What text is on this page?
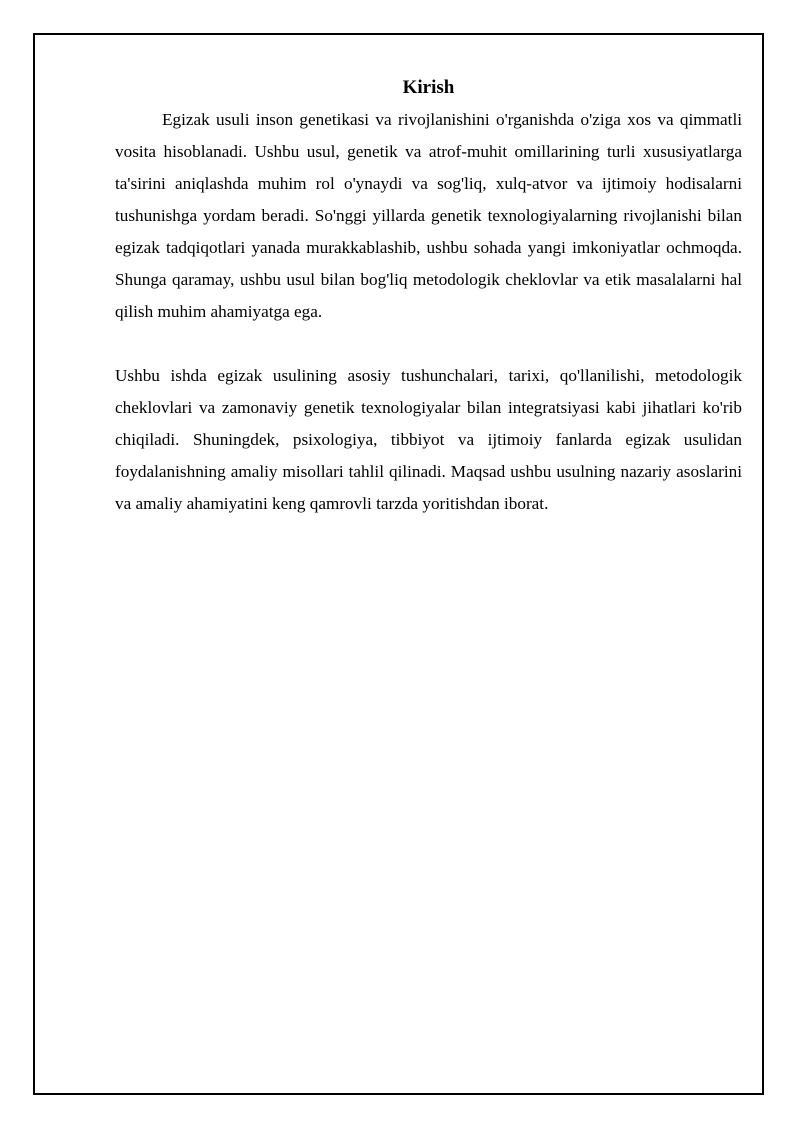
Kirish

Egizak usuli inson genetikasi va rivojlanishini o'rganishda o'ziga xos va qimmatli vosita hisoblanadi. Ushbu usul, genetik va atrof-muhit omillarining turli xususiyatlarga ta'sirini aniqlashda muhim rol o'ynaydi va sog'liq, xulq-atvor va ijtimoiy hodisalarni tushunishga yordam beradi. So'nggi yillarda genetik texnologiyalarning rivojlanishi bilan egizak tadqiqotlari yanada murakkablashib, ushbu sohada yangi imkoniyatlar ochmoqda. Shunga qaramay, ushbu usul bilan bog'liq metodologik cheklovlar va etik masalalarni hal qilish muhim ahamiyatga ega.

Ushbu ishda egizak usulining asosiy tushunchalari, tarixi, qo'llanilishi, metodologik cheklovlari va zamonaviy genetik texnologiyalar bilan integratsiyasi kabi jihatlari ko'rib chiqiladi. Shuningdek, psixologiya, tibbiyot va ijtimoiy fanlarda egizak usulidan foydalanishning amaliy misollari tahlil qilinadi. Maqsad ushbu usulning nazariy asoslarini va amaliy ahamiyatini keng qamrovli tarzda yoritishdan iborat.
